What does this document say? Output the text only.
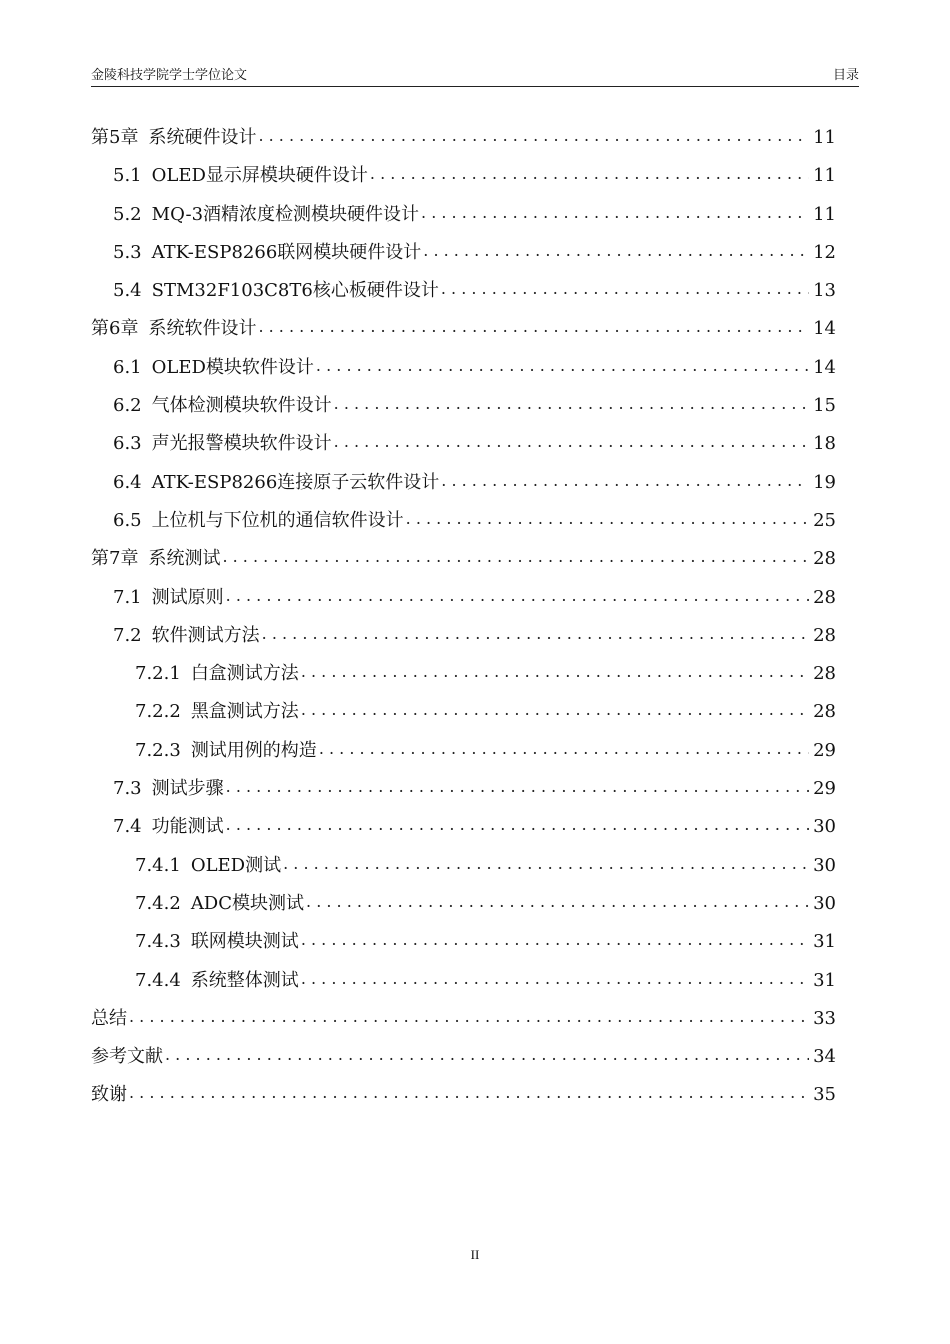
金陵科技学院学士学位论文	目录
第5章 系统硬件设计 . . .	11
5.1 OLED显示屏模块硬件设计 . . .	11
5.2 MQ-3酒精浓度检测模块硬件设计 . . .	11
5.3 ATK-ESP8266联网模块硬件设计 . . .	12
5.4 STM32F103C8T6核心板硬件设计 . . .	13
第6章 系统软件设计 . . .	14
6.1 OLED模块软件设计 . . .	14
6.2 气体检测模块软件设计 . . .	15
6.3 声光报警模块软件设计 . . .	18
6.4 ATK-ESP8266连接原子云软件设计 . . .	19
6.5 上位机与下位机的通信软件设计 . . .	25
第7章 系统测试 . . .	28
7.1 测试原则 . . .	28
7.2 软件测试方法 . . .	28
7.2.1 白盒测试方法 . . .	28
7.2.2 黑盒测试方法 . . .	28
7.2.3 测试用例的构造 . . .	29
7.3 测试步骤 . . .	29
7.4 功能测试 . . .	30
7.4.1 OLED测试 . . .	30
7.4.2 ADC模块测试 . . .	30
7.4.3 联网模块测试 . . .	31
7.4.4 系统整体测试 . . .	31
总结 . . .	33
参考文献 . . .	34
致谢 . . .	35
II
